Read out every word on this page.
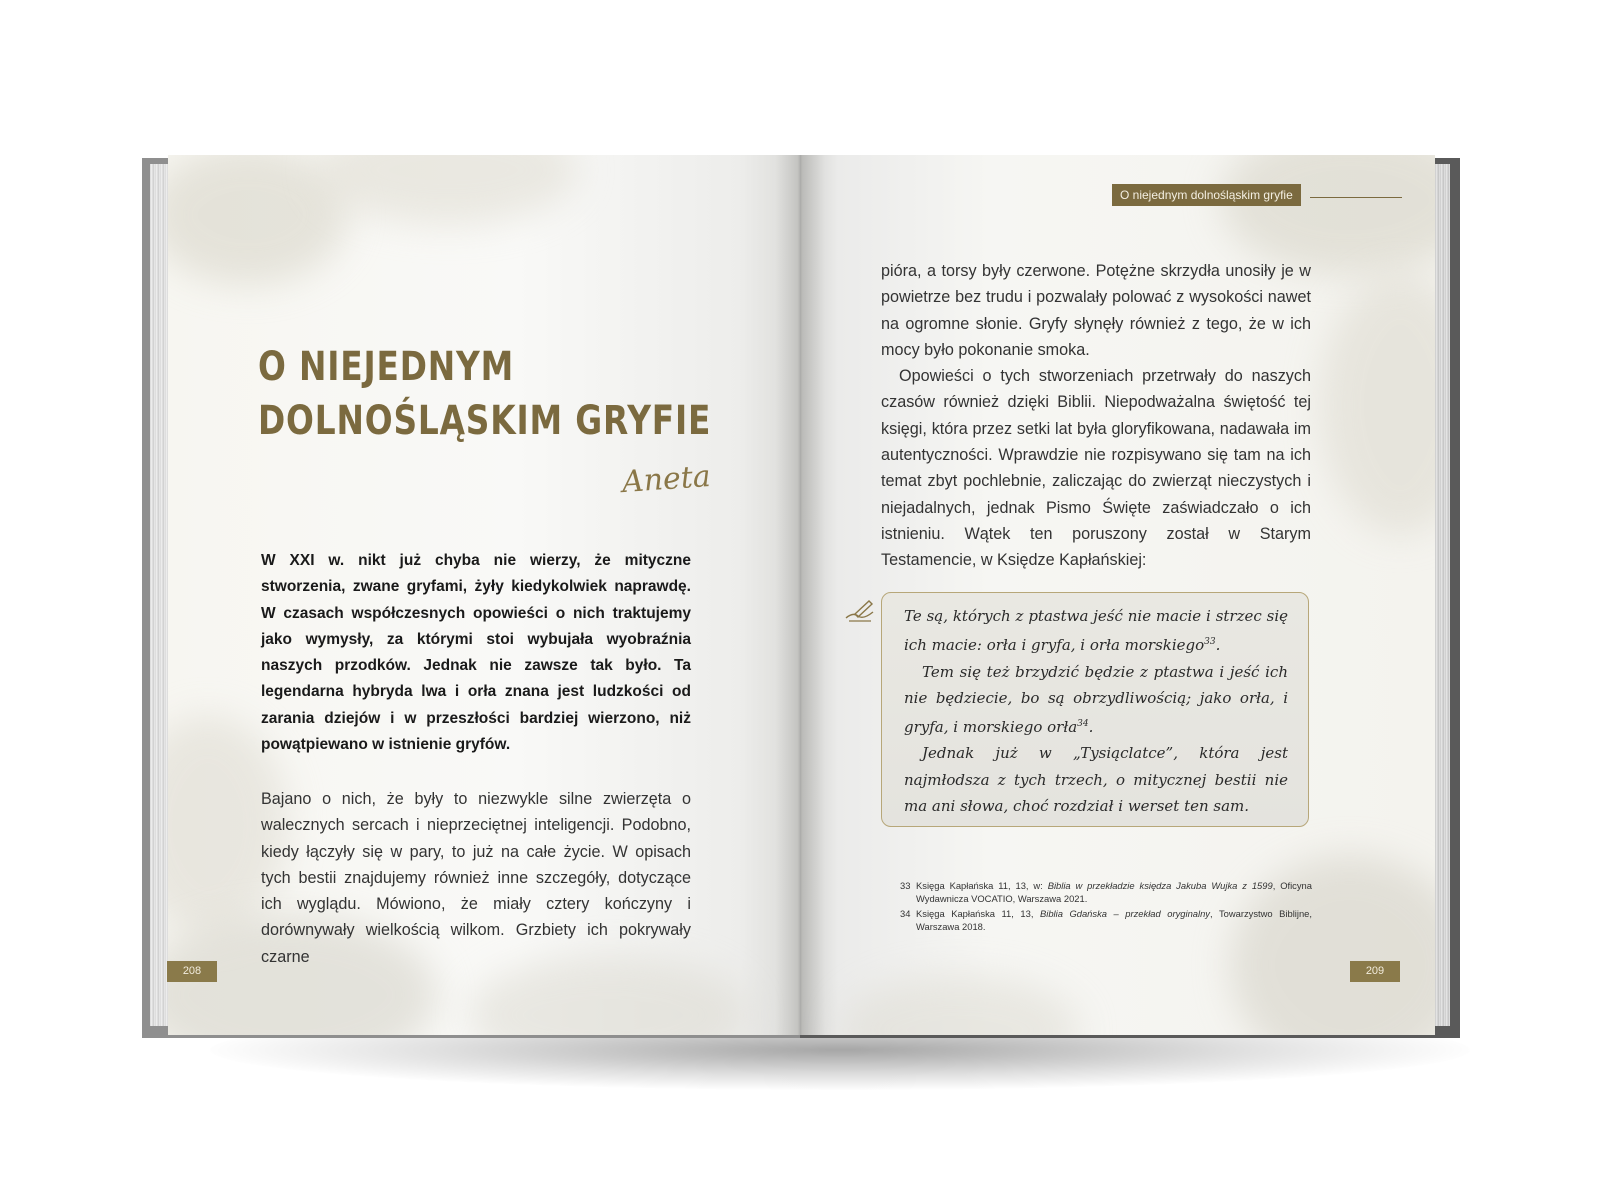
O NIEJEDNYM
DOLNOŚLĄSKIM GRYFIE
Aneta

W XXI w. nikt już chyba nie wierzy, że mityczne stworzenia, zwane gryfami, żyły kiedykolwiek naprawdę. W czasach współczesnych opowieści o nich traktujemy jako wymysły, za którymi stoi wybujała wyobraźnia naszych przodków. Jednak nie zawsze tak było. Ta legendarna hybryda lwa i orła znana jest ludzkości od zarania dziejów i w przeszłości bardziej wierzono, niż powątpiewano w istnienie gryfów.

Bajano o nich, że były to niezwykle silne zwierzęta o walecznych sercach i nieprzeciętnej inteligencji. Podobno, kiedy łączyły się w pary, to już na całe życie. W opisach tych bestii znajdujemy również inne szczegóły, dotyczące ich wyglądu. Mówiono, że miały cztery kończyny i dorównywały wielkością wilkom. Grzbiety ich pokrywały czarne

208
O niejednym dolnośląskim gryfie

pióra, a torsy były czerwone. Potężne skrzydła unosiły je w powietrze bez trudu i pozwalały polować z wysokości nawet na ogromne słonie. Gryfy słynęły również z tego, że w ich mocy było pokonanie smoka.

Opowieści o tych stworzeniach przetrwały do naszych czasów również dzięki Biblii. Niepodważalna świętość tej księgi, która przez setki lat była gloryfikowana, nadawała im autentyczności. Wprawdzie nie rozpisywano się tam na ich temat zbyt pochlebnie, zaliczając do zwierząt nieczystych i niejadalnych, jednak Pismo Święte zaświadczało o ich istnieniu. Wątek ten poruszony został w Starym Testamencie, w Księdze Kapłańskiej:

Te są, których z ptastwa jeść nie macie i strzec się ich macie: orła i gryfa, i orła morskiego$^{33}$.

Tem się też brzydzić będzie z ptastwa i jeść ich nie będziecie, bo są obrzydliwością; jako orła, i gryfa, i morskiego orła$^{34}$.

Jednak już w „Tysiąclatce”, która jest najmłodsza z tych trzech, o mitycznej bestii nie ma ani słowa, choć rozdział i werset ten sam.

33 Księga Kapłańska 11, 13, w: Biblia w przekładzie księdza Jakuba Wujka z 1599, Oficyna Wydawnicza VOCATIO, Warszawa 2021.
34 Księga Kapłańska 11, 13, Biblia Gdańska – przekład oryginalny, Towarzystwo Biblijne, Warszawa 2018.
209
